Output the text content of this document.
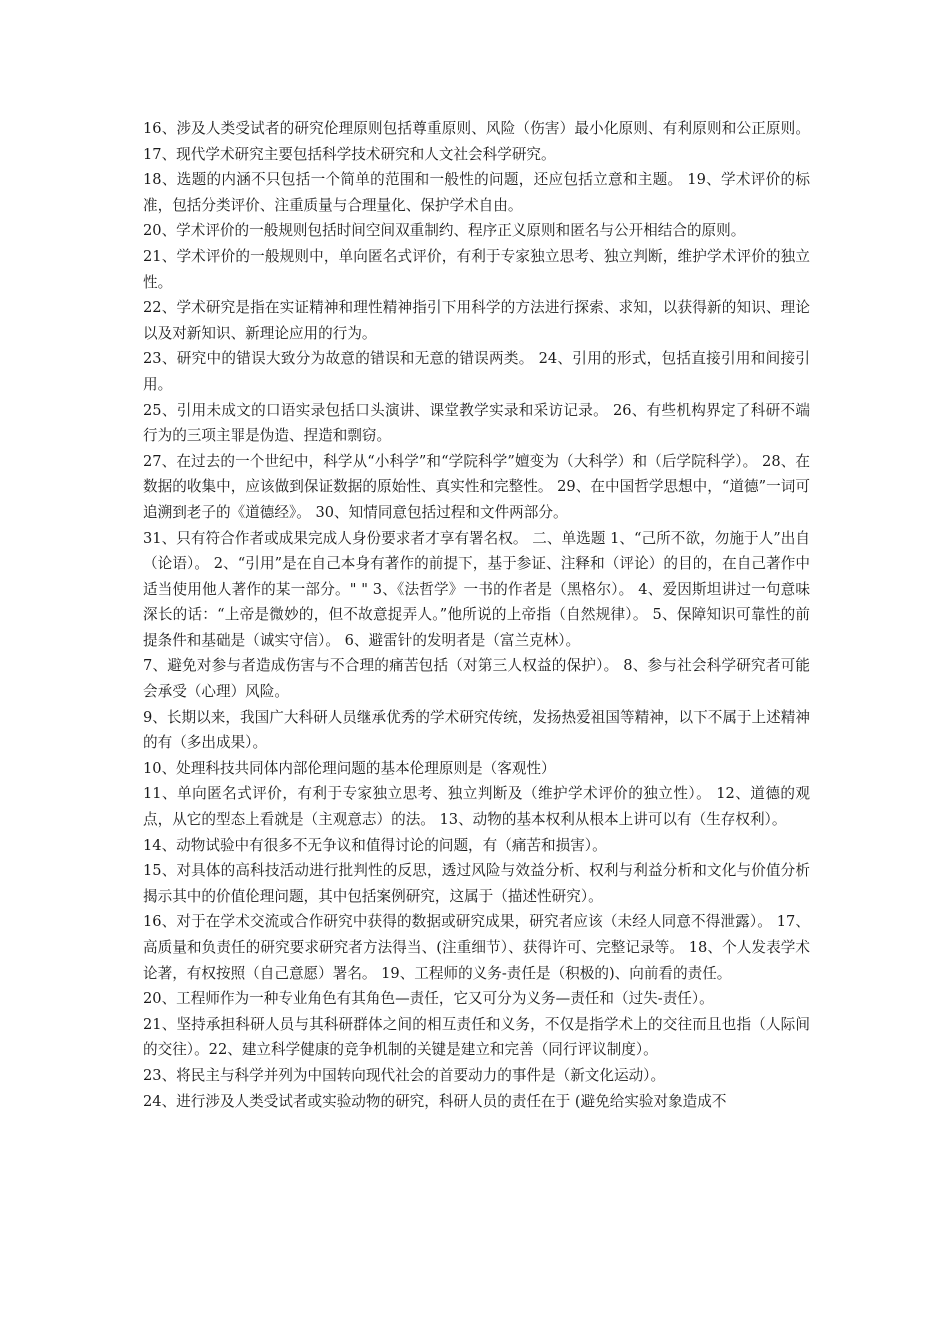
16、涉及人类受试者的研究伦理原则包括尊重原则、风险（伤害）最小化原则、有利原则和公正原则。 17、现代学术研究主要包括科学技术研究和人文社会科学研究。

18、选题的内涵不只包括一个简单的范围和一般性的问题，还应包括立意和主题。 19、学术评价的标准，包括分类评价、注重质量与合理量化、保护学术自由。

20、学术评价的一般规则包括时间空间双重制约、程序正义原则和匿名与公开相结合的原则。

21、学术评价的一般规则中，单向匿名式评价，有利于专家独立思考、独立判断，维护学术评价的独立性。

22、学术研究是指在实证精神和理性精神指引下用科学的方法进行探索、求知，以获得新的知识、理论以及对新知识、新理论应用的行为。

23、研究中的错误大致分为故意的错误和无意的错误两类。 24、引用的形式，包括直接引用和间接引用。

25、引用未成文的口语实录包括口头演讲、课堂教学实录和采访记录。 26、有些机构界定了科研不端行为的三项主罪是伪造、捏造和剽窃。

27、在过去的一个世纪中，科学从“小科学”和“学院科学”嬗变为（大科学）和（后学院科学）。 28、在数据的收集中，应该做到保证数据的原始性、真实性和完整性。 29、在中国哲学思想中，“道德”一词可追溯到老子的《道德经》。 30、知情同意包括过程和文件两部分。

31、只有符合作者或成果完成人身份要求者才享有署名权。 二、单选题 1、“己所不欲，勿施于人”出自（论语）。 2、“引用”是在自己本身有著作的前提下，基于参证、注释和（评论）的目的，在自己著作中适当使用他人著作的某一部分。" " 3、《法哲学》一书的作者是（黑格尔）。 4、爱因斯坦讲过一句意味深长的话：“上帝是微妙的，但不故意捉弄人。”他所说的上帝指（自然规律）。 5、保障知识可靠性的前提条件和基础是（诚实守信）。 6、避雷针的发明者是（富兰克林）。

7、避免对参与者造成伤害与不合理的痛苦包括（对第三人权益的保护）。 8、参与社会科学研究者可能会承受（心理）风险。

9、长期以来，我国广大科研人员继承优秀的学术研究传统，发扬热爱祖国等精神，以下不属于上述精神的有（多出成果）。

10、处理科技共同体内部伦理问题的基本伦理原则是（客观性）

11、单向匿名式评价，有利于专家独立思考、独立判断及（维护学术评价的独立性）。 12、道德的观点，从它的型态上看就是（主观意志）的法。 13、动物的基本权利从根本上讲可以有（生存权利）。

14、动物试验中有很多不无争议和值得讨论的问题，有（痛苦和损害）。

15、对具体的高科技活动进行批判性的反思，透过风险与效益分析、权利与利益分析和文化与价值分析揭示其中的价值伦理问题，其中包括案例研究，这属于（描述性研究）。

16、对于在学术交流或合作研究中获得的数据或研究成果，研究者应该（未经人同意不得泄露）。 17、高质量和负责任的研究要求研究者方法得当、(注重细节）、获得许可、完整记录等。 18、个人发表学术论著，有权按照（自己意愿）署名。 19、工程师的义务-责任是（积极的)、向前看的责任。

20、工程师作为一种专业角色有其角色—责任，它又可分为义务—责任和（过失-责任）。

21、坚持承担科研人员与其科研群体之间的相互责任和义务，不仅是指学术上的交往而且也指（人际间的交往）。22、建立科学健康的竞争机制的关键是建立和完善（同行评议制度）。

23、将民主与科学并列为中国转向现代社会的首要动力的事件是（新文化运动）。

24、进行涉及人类受试者或实验动物的研究，科研人员的责任在于 (避免给实验对象造成不
